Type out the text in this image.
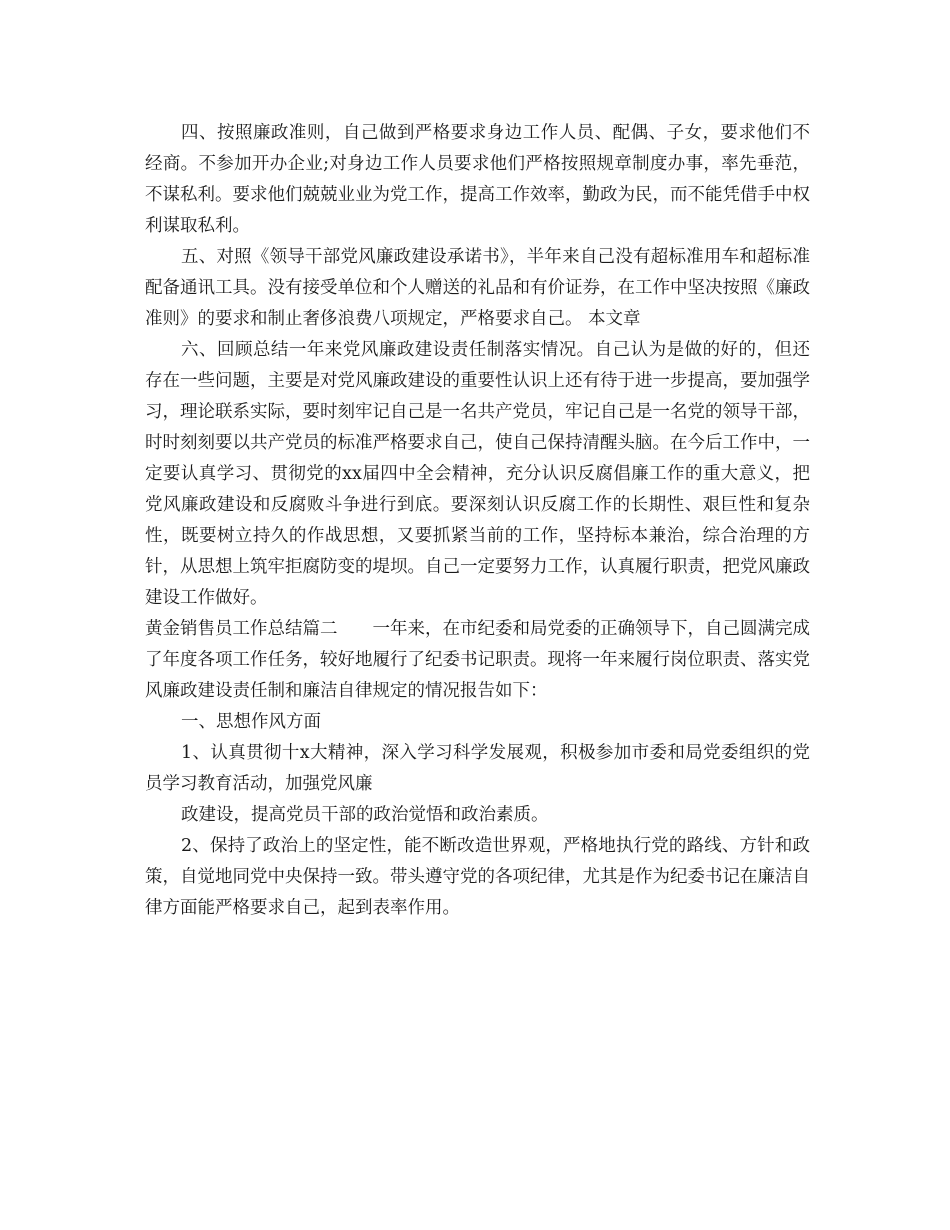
四、按照廉政准则，自己做到严格要求身边工作人员、配偶、子女，要求他们不经商。不参加开办企业;对身边工作人员要求他们严格按照规章制度办事，率先垂范，不谋私利。要求他们兢兢业业为党工作，提高工作效率，勤政为民，而不能凭借手中权利谋取私利。

五、对照《领导干部党风廉政建设承诺书》，半年来自己没有超标准用车和超标准配备通讯工具。没有接受单位和个人赠送的礼品和有价证券，在工作中坚决按照《廉政准则》的要求和制止奢侈浪费八项规定，严格要求自己。 本文章

六、回顾总结一年来党风廉政建设责任制落实情况。自己认为是做的好的，但还存在一些问题，主要是对党风廉政建设的重要性认识上还有待于进一步提高，要加强学习，理论联系实际，要时刻牢记自己是一名共产党员，牢记自己是一名党的领导干部，时时刻刻要以共产党员的标准严格要求自己，使自己保持清醒头脑。在今后工作中，一定要认真学习、贯彻党的xx届四中全会精神，充分认识反腐倡廉工作的重大意义，把党风廉政建设和反腐败斗争进行到底。要深刻认识反腐工作的长期性、艰巨性和复杂性，既要树立持久的作战思想，又要抓紧当前的工作，坚持标本兼治，综合治理的方针，从思想上筑牢拒腐防变的堤坝。自己一定要努力工作，认真履行职责，把党风廉政建设工作做好。

黄金销售员工作总结篇二　　一年来，在市纪委和局党委的正确领导下，自己圆满完成了年度各项工作任务，较好地履行了纪委书记职责。现将一年来履行岗位职责、落实党风廉政建设责任制和廉洁自律规定的情况报告如下：

一、思想作风方面

1、认真贯彻十x大精神，深入学习科学发展观，积极参加市委和局党委组织的党员学习教育活动，加强党风廉

政建设，提高党员干部的政治觉悟和政治素质。

2、保持了政治上的坚定性，能不断改造世界观，严格地执行党的路线、方针和政策，自觉地同党中央保持一致。带头遵守党的各项纪律，尤其是作为纪委书记在廉洁自律方面能严格要求自己，起到表率作用。
